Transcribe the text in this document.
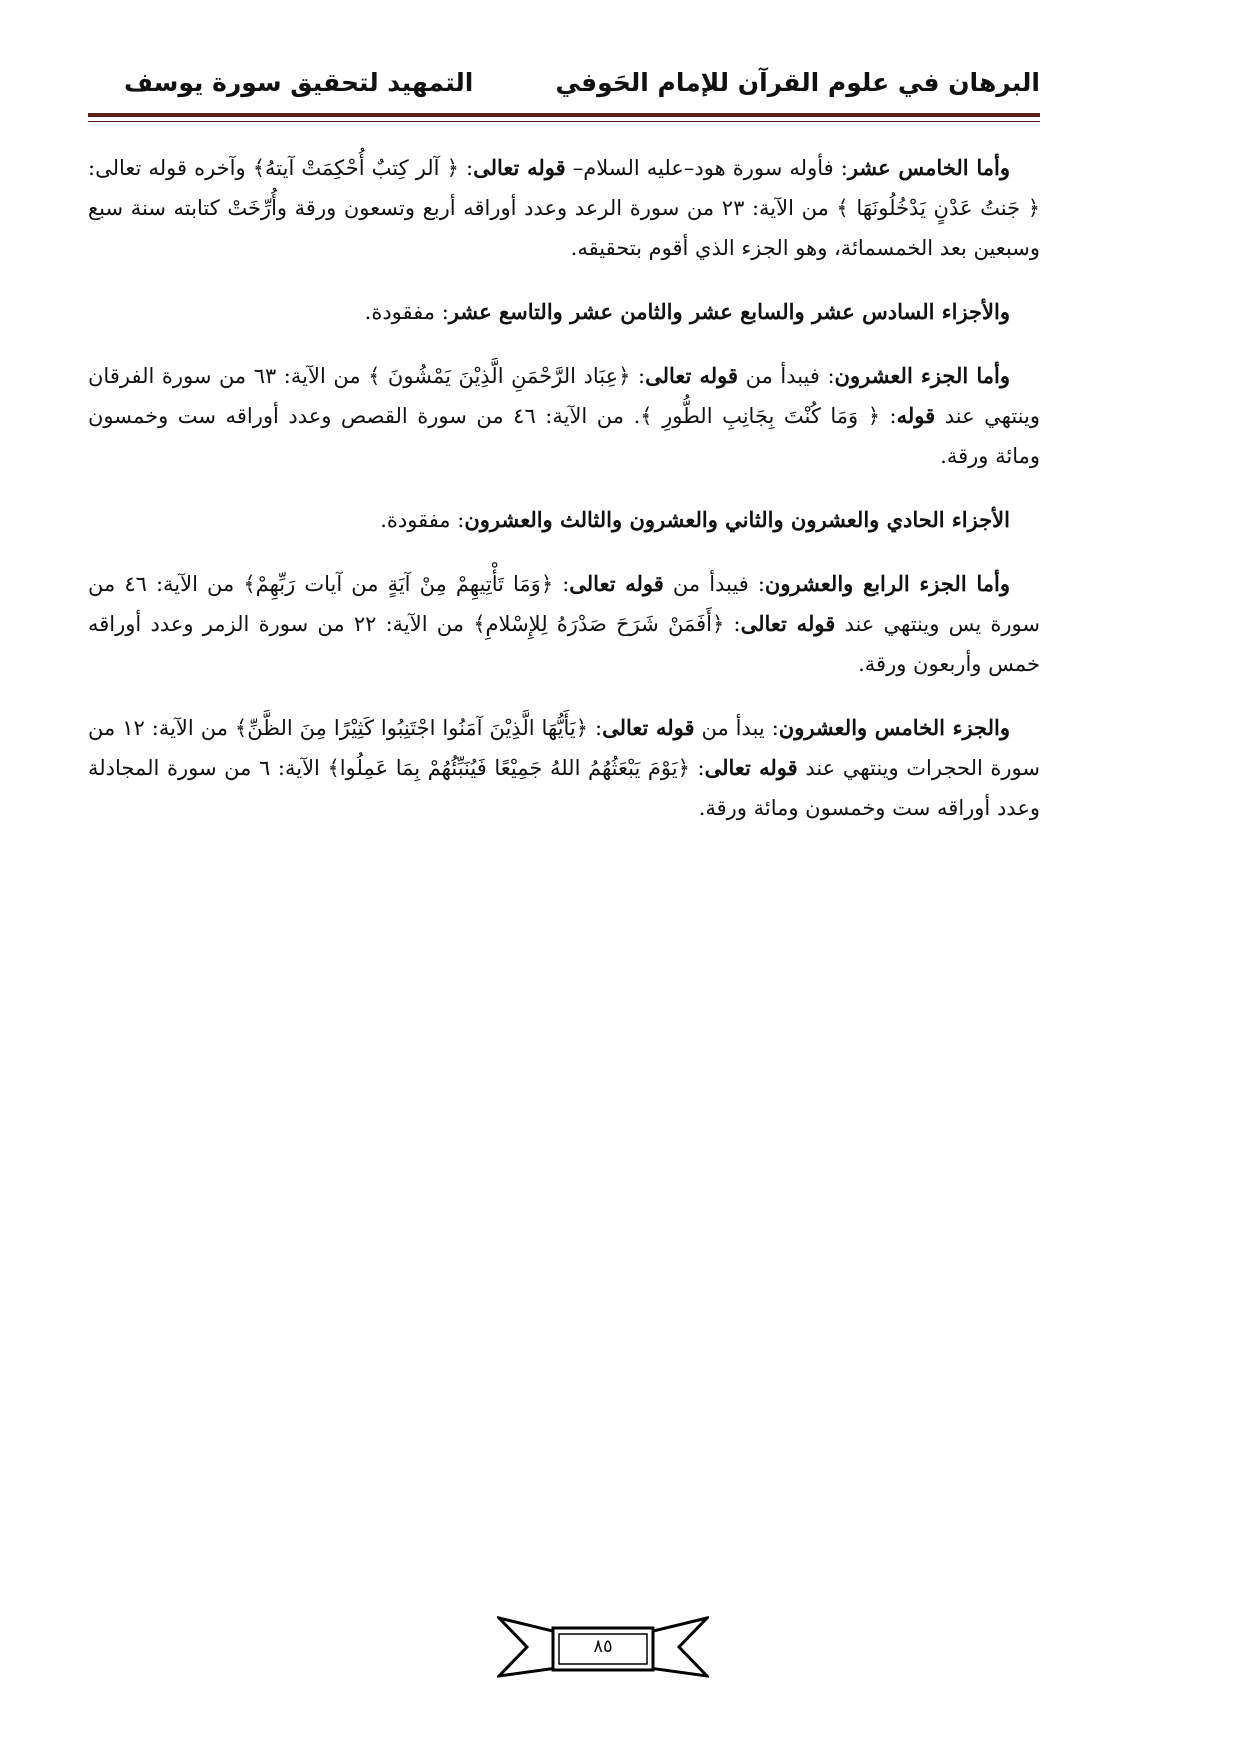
البرهان في علوم القرآن للإمام الحَوفي
التمهيد لتحقيق سورة يوسف

وأما الخامس عشر: فأوله سورة هود–عليه السلام– قوله تعالى: ﴿ آلر كِتبٌ أُحْكِمَتْ آيتهُ﴾ وآخره قوله تعالى: ﴿ جَنتُ عَدْنٍ يَدْخُلُونَهَا ﴾ من الآية: ٢٣ من سورة الرعد وعدد أوراقه أربع وتسعون ورقة وأُرِّخَتْ كتابته سنة سبع وسبعين بعد الخمسمائة، وهو الجزء الذي أقوم بتحقيقه.

والأجزاء السادس عشر والسابع عشر والثامن عشر والتاسع عشر: مفقودة.

وأما الجزء العشرون: فيبدأ من قوله تعالى: ﴿عِبَاد الرَّحْمَنِ الَّذِيْنَ يَمْشُونَ ﴾ من الآية: ٦٣ من سورة الفرقان وينتهي عند قوله: ﴿ وَمَا كُنْتَ بِجَانِبِ الطُّورِ ﴾. من الآية: ٤٦ من سورة القصص وعدد أوراقه ست وخمسون ومائة ورقة.

الأجزاء الحادي والعشرون والثاني والعشرون والثالث والعشرون: مفقودة.

وأما الجزء الرابع والعشرون: فيبدأ من قوله تعالى: ﴿وَمَا تَأْتِيهِمْ مِنْ آيَةٍ من آيات رَبِّهِمْ﴾ من الآية: ٤٦ من سورة يس وينتهي عند قوله تعالى: ﴿أَفَمَنْ شَرَحَ صَدْرَهُ لِلإِسْلامِ﴾ من الآية: ٢٢ من سورة الزمر وعدد أوراقه خمس وأربعون ورقة.

والجزء الخامس والعشرون: يبدأ من قوله تعالى: ﴿يَأَيُّهَا الَّذِيْنَ آمَنُوا اجْتَنِبُوا كَثِيْرًا مِنَ الظَّنِّ﴾ من الآية: ١٢ من سورة الحجرات وينتهي عند قوله تعالى: ﴿يَوْمَ يَبْعَثُهُمُ اللهُ جَمِيْعًا فَيُنَبِّئُهُمْ بِمَا عَمِلُوا﴾ الآية: ٦ من سورة المجادلة وعدد أوراقه ست وخمسون ومائة ورقة.

٨٥
